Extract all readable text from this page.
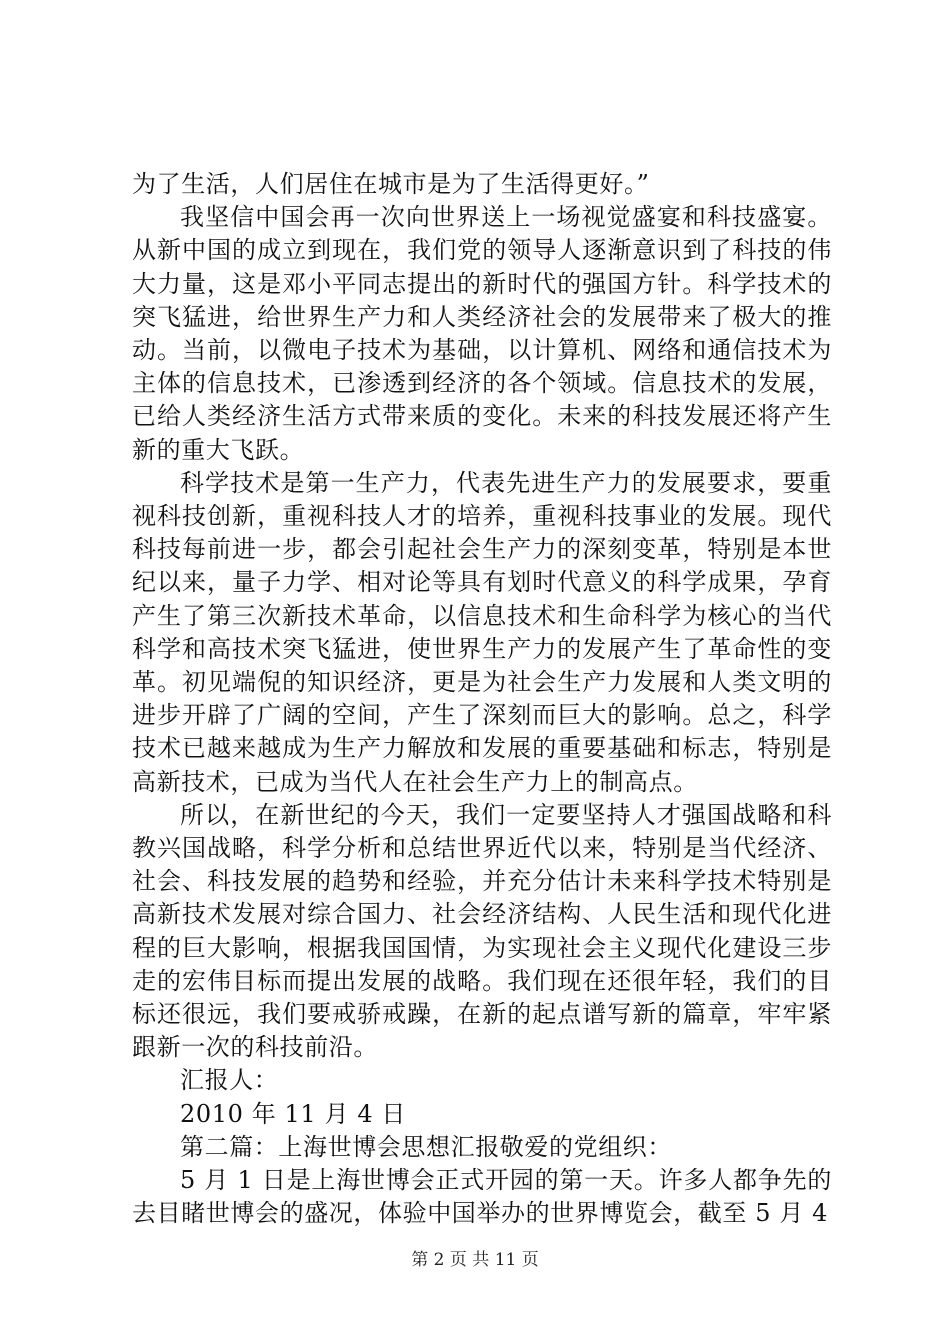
为了生活，人们居住在城市是为了生活得更好。”

我坚信中国会再一次向世界送上一场视觉盛宴和科技盛宴。从新中国的成立到现在，我们党的领导人逐渐意识到了科技的伟大力量，这是邓小平同志提出的新时代的强国方针。科学技术的突飞猛进，给世界生产力和人类经济社会的发展带来了极大的推动。当前，以微电子技术为基础，以计算机、网络和通信技术为主体的信息技术，已渗透到经济的各个领域。信息技术的发展，已给人类经济生活方式带来质的变化。未来的科技发展还将产生新的重大飞跃。

科学技术是第一生产力，代表先进生产力的发展要求，要重视科技创新，重视科技人才的培养，重视科技事业的发展。现代科技每前进一步，都会引起社会生产力的深刻变革，特别是本世纪以来，量子力学、相对论等具有划时代意义的科学成果，孕育产生了第三次新技术革命，以信息技术和生命科学为核心的当代科学和高技术突飞猛进，使世界生产力的发展产生了革命性的变革。初见端倪的知识经济，更是为社会生产力发展和人类文明的进步开辟了广阔的空间，产生了深刻而巨大的影响。总之，科学技术已越来越成为生产力解放和发展的重要基础和标志，特别是高新技术，已成为当代人在社会生产力上的制高点。

所以，在新世纪的今天，我们一定要坚持人才强国战略和科教兴国战略，科学分析和总结世界近代以来，特别是当代经济、社会、科技发展的趋势和经验，并充分估计未来科学技术特别是高新技术发展对综合国力、社会经济结构、人民生活和现代化进程的巨大影响，根据我国国情，为实现社会主义现代化建设三步走的宏伟目标而提出发展的战略。我们现在还很年轻，我们的目标还很远，我们要戒骄戒躁，在新的起点谱写新的篇章，牢牢紧跟新一次的科技前沿。

汇报人：

2010 年 11 月 4 日

第二篇：上海世博会思想汇报敬爱的党组织：

5 月 1 日是上海世博会正式开园的第一天。许多人都争先的去目睹世博会的盛况，体验中国举办的世界博览会，截至 5 月 4

第 2 页 共 11 页
